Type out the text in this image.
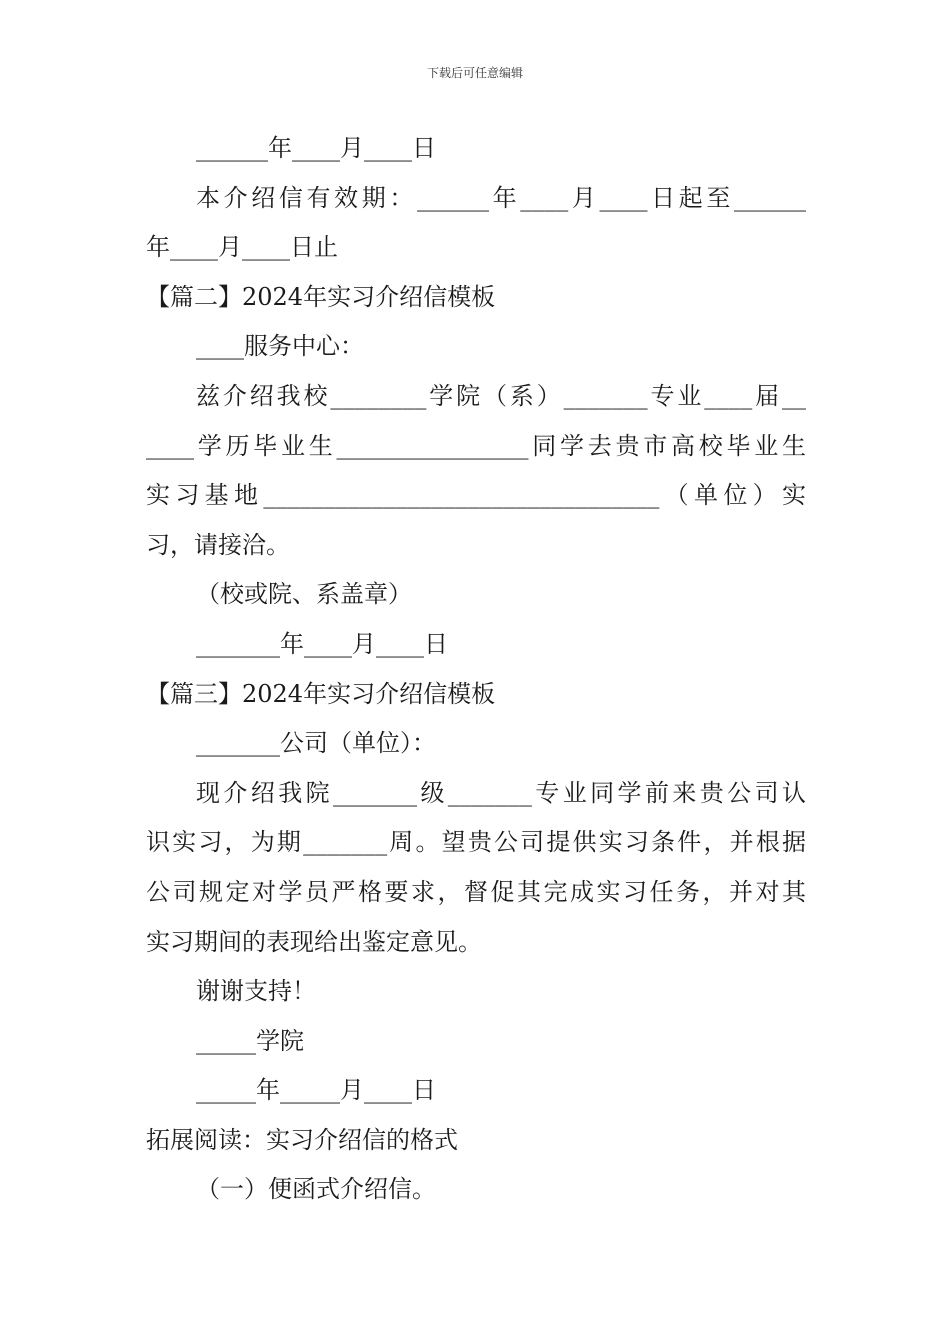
下载后可任意编辑
______年____月____日
本介绍信有效期：______年____月____日起至______
年____月____日止
【篇二】2024年实习介绍信模板
____服务中心：
兹介绍我校________学院（系）_______专业____届__
____学历毕业生________________同学去贵市高校毕业生
实习基地_________________________________（单位）实
习，请接洽。
（校或院、系盖章）
_______年____月____日
【篇三】2024年实习介绍信模板
_______公司（单位）：
现介绍我院_______级_______专业同学前来贵公司认
识实习，为期_______周。望贵公司提供实习条件，并根据
公司规定对学员严格要求，督促其完成实习任务，并对其
实习期间的表现给出鉴定意见。
谢谢支持！
_____学院
_____年_____月____日
拓展阅读：实习介绍信的格式
（一）便函式介绍信。
